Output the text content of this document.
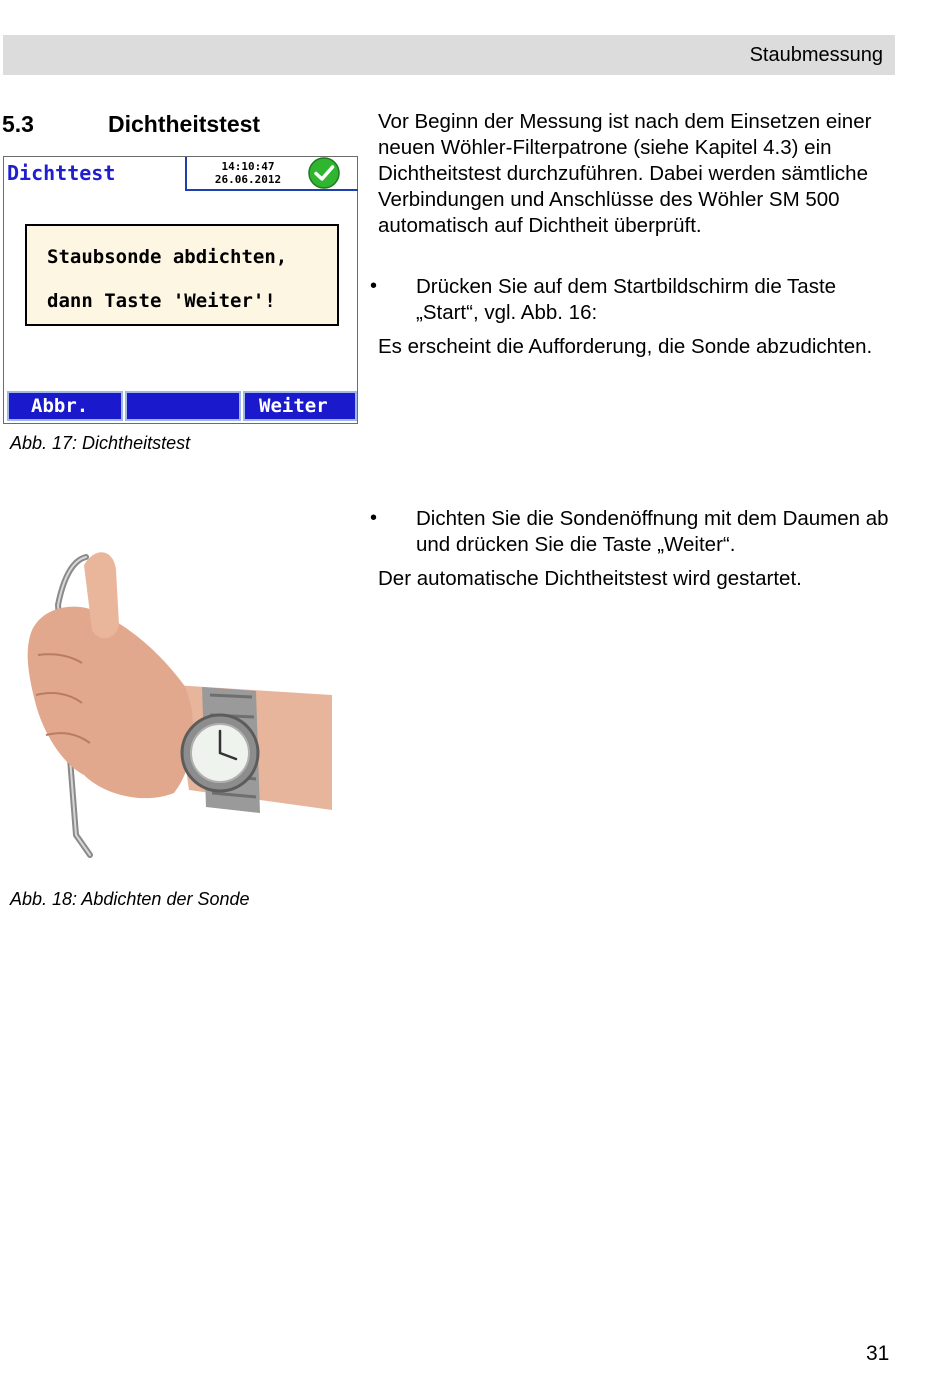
Staubmessung
5.3	Dichtheitstest
Dichttest	14:10:47
26.06.2012
Staubsonde abdichten,
dann Taste 'Weiter'!
Abbr.	Weiter
Abb. 17: Dichtheitstest
Abb. 18: Abdichten der Sonde
Vor Beginn der Messung ist nach dem Einsetzen einer neuen Wöhler-Filterpatrone (siehe Kapitel 4.3) ein Dichtheitstest durchzuführen. Dabei werden sämtliche Verbindungen und Anschlüsse des Wöhler SM 500 automatisch auf Dichtheit überprüft.
• Drücken Sie auf dem Startbildschirm die Taste „Start“, vgl. Abb. 16:
Es erscheint die Aufforderung, die Sonde abzudichten.
• Dichten Sie die Sondenöffnung mit dem Daumen ab und drücken Sie die Taste „Weiter“.
Der automatische Dichtheitstest wird gestartet.
31
